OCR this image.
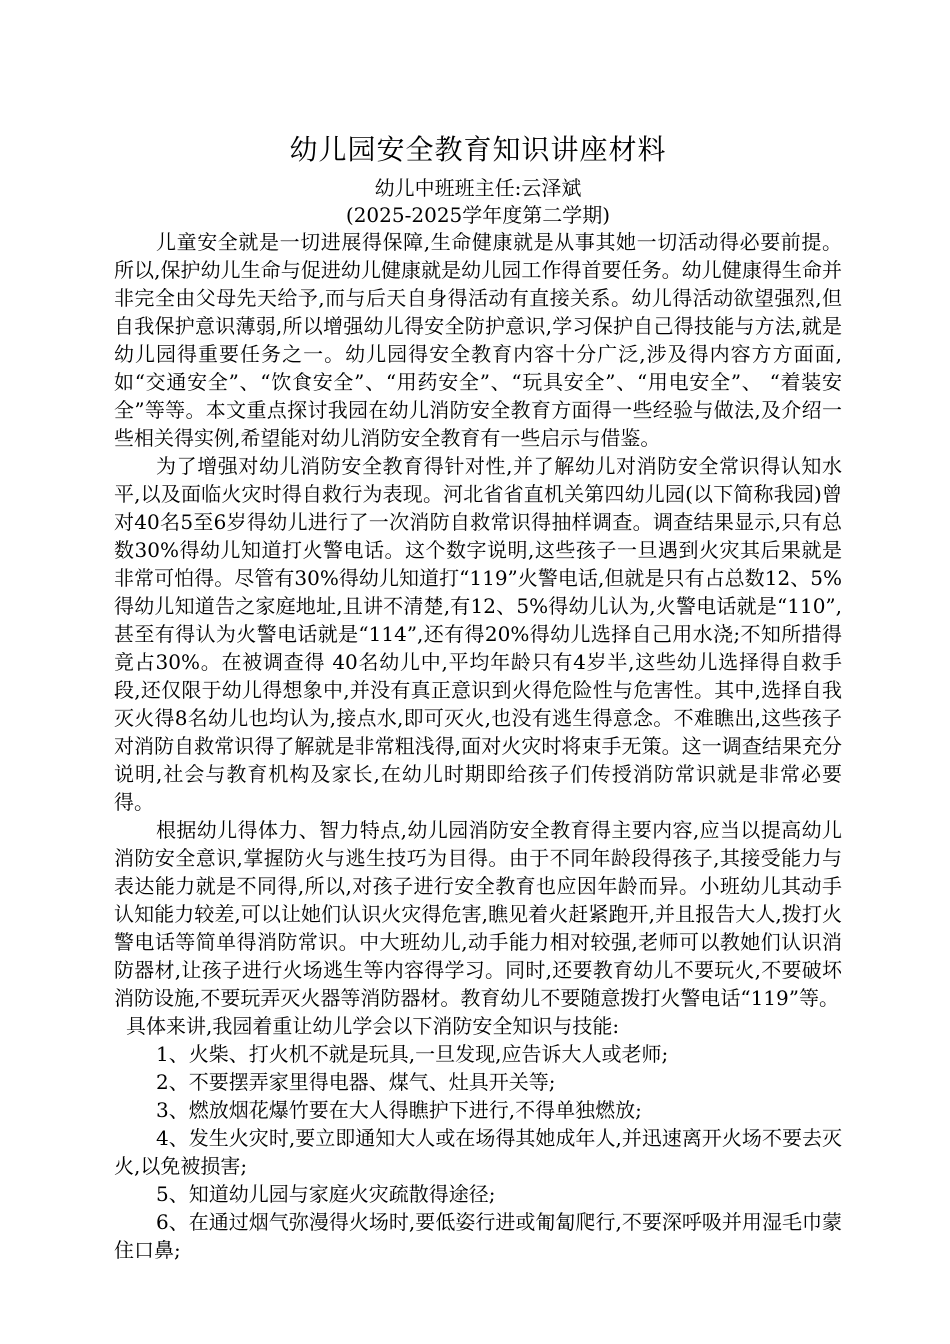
幼儿园安全教育知识讲座材料

幼儿中班班主任:云泽斌

(2025-2025学年度第二学期)

儿童安全就是一切进展得保障,生命健康就是从事其她一切活动得必要前提。所以,保护幼儿生命与促进幼儿健康就是幼儿园工作得首要任务。幼儿健康得生命并非完全由父母先天给予,而与后天自身得活动有直接关系。幼儿得活动欲望强烈,但自我保护意识薄弱,所以增强幼儿得安全防护意识,学习保护自己得技能与方法,就是幼儿园得重要任务之一。幼儿园得安全教育内容十分广泛,涉及得内容方方面面,如“交通安全”、“饮食安全”、“用药安全”、“玩具安全”、“用电安全”、 “着装安全”等等。本文重点探讨我园在幼儿消防安全教育方面得一些经验与做法,及介绍一些相关得实例,希望能对幼儿消防安全教育有一些启示与借鉴。

为了增强对幼儿消防安全教育得针对性,并了解幼儿对消防安全常识得认知水平,以及面临火灾时得自救行为表现。河北省省直机关第四幼儿园(以下简称我园)曾对40名5至6岁得幼儿进行了一次消防自救常识得抽样调查。调查结果显示,只有总数30%得幼儿知道打火警电话。这个数字说明,这些孩子一旦遇到火灾其后果就是非常可怕得。尽管有30%得幼儿知道打“119”火警电话,但就是只有占总数12、5%得幼儿知道告之家庭地址,且讲不清楚,有12、5%得幼儿认为,火警电话就是“110”,甚至有得认为火警电话就是“114”,还有得20%得幼儿选择自己用水浇;不知所措得竟占30%。在被调查得 40名幼儿中,平均年龄只有4岁半,这些幼儿选择得自救手段,还仅限于幼儿得想象中,并没有真正意识到火得危险性与危害性。其中,选择自我灭火得8名幼儿也均认为,接点水,即可灭火,也没有逃生得意念。不难瞧出,这些孩子对消防自救常识得了解就是非常粗浅得,面对火灾时将束手无策。这一调查结果充分说明,社会与教育机构及家长,在幼儿时期即给孩子们传授消防常识就是非常必要得。

根据幼儿得体力、智力特点,幼儿园消防安全教育得主要内容,应当以提高幼儿消防安全意识,掌握防火与逃生技巧为目得。由于不同年龄段得孩子,其接受能力与表达能力就是不同得,所以,对孩子进行安全教育也应因年龄而异。小班幼儿其动手认知能力较差,可以让她们认识火灾得危害,瞧见着火赶紧跑开,并且报告大人,拨打火警电话等简单得消防常识。中大班幼儿,动手能力相对较强,老师可以教她们认识消防器材,让孩子进行火场逃生等内容得学习。同时,还要教育幼儿不要玩火,不要破坏消防设施,不要玩弄灭火器等消防器材。教育幼儿不要随意拨打火警电话“119”等。

具体来讲,我园着重让幼儿学会以下消防安全知识与技能:

1、火柴、打火机不就是玩具,一旦发现,应告诉大人或老师;
2、不要摆弄家里得电器、煤气、灶具开关等;
3、燃放烟花爆竹要在大人得瞧护下进行,不得单独燃放;
4、发生火灾时,要立即通知大人或在场得其她成年人,并迅速离开火场不要去灭火,以免被损害;
5、知道幼儿园与家庭火灾疏散得途径;
6、在通过烟气弥漫得火场时,要低姿行进或匍匐爬行,不要深呼吸并用湿毛巾蒙住口鼻;
